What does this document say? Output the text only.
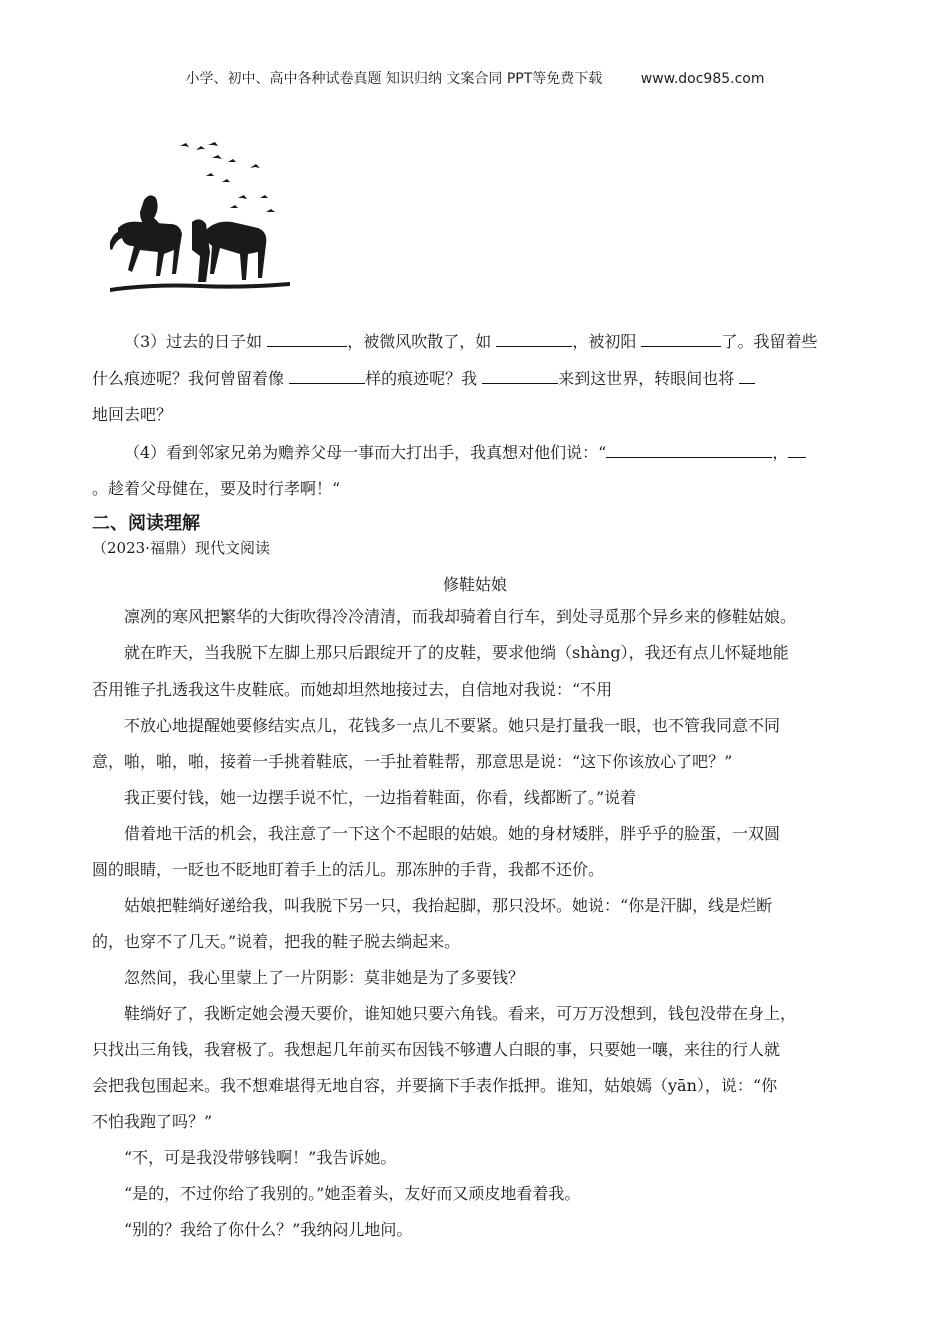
小学、初中、高中各种试卷真题 知识归纳 文案合同 PPT等免费下载	www.doc985.com
（3）过去的日子如	，被微风吹散了，如	，被初阳	了。我留着些
什么痕迹呢？我何曾留着像	样的痕迹呢？我	来到这世界，转眼间也将
地回去吧？
（4）看到邻家兄弟为赡养父母一事而大打出手，我真想对他们说：“	，
。趁着父母健在，要及时行孝啊！“
二、阅读理解
（2023·福鼎）现代文阅读
修鞋姑娘
凛冽的寒风把繁华的大街吹得冷冷清清，而我却骑着自行车，到处寻觅那个异乡来的修鞋姑娘。
就在昨天，当我脱下左脚上那只后跟绽开了的皮鞋，要求他绱（shàng），我还有点儿怀疑地能
否用锥子扎透我这牛皮鞋底。而她却坦然地接过去，自信地对我说：“不用
不放心地提醒她要修结实点儿，花钱多一点儿不要紧。她只是打量我一眼，也不管我同意不同
意，啪，啪，啪，接着一手挑着鞋底，一手扯着鞋帮，那意思是说：“这下你该放心了吧？”
我正要付钱，她一边摆手说不忙，一边指着鞋面，你看，线都断了。”说着
借着地干活的机会，我注意了一下这个不起眼的姑娘。她的身材矮胖，胖乎乎的脸蛋，一双圆
圆的眼睛，一眨也不眨地盯着手上的活儿。那冻肿的手背，我都不还价。
姑娘把鞋绱好递给我，叫我脱下另一只，我抬起脚，那只没坏。她说：“你是汗脚，线是烂断
的，也穿不了几天。”说着，把我的鞋子脱去绱起来。
忽然间，我心里蒙上了一片阴影：莫非她是为了多要钱？
鞋绱好了，我断定她会漫天要价，谁知她只要六角钱。看来，可万万没想到，钱包没带在身上，
只找出三角钱，我窘极了。我想起几年前买布因钱不够遭人白眼的事，只要她一嚷，来往的行人就
会把我包围起来。我不想难堪得无地自容，并要摘下手表作抵押。谁知，姑娘嫣（yān），说：“你
不怕我跑了吗？”
“不，可是我没带够钱啊！”我告诉她。
“是的，不过你给了我别的。”她歪着头，友好而又顽皮地看着我。
“别的？我给了你什么？”我纳闷儿地问。
